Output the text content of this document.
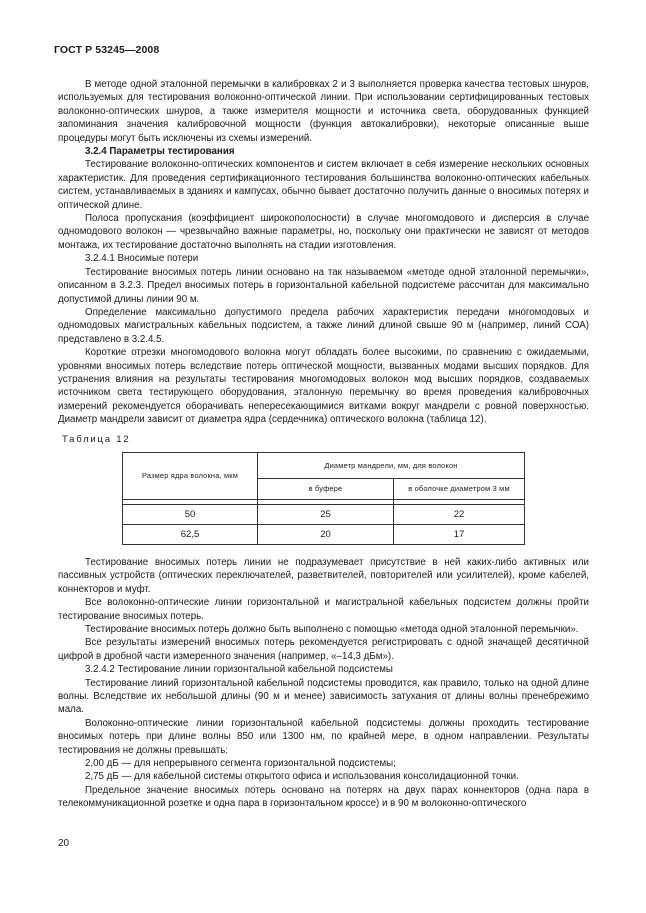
ГОСТ Р 53245—2008

В методе одной эталонной перемычки в калибровках 2 и 3 выполняется проверка качества тестовых шнуров, используемых для тестирования волоконно-оптической линии. При использовании сертифицированных тестовых волоконно-оптических шнуров, а также измерителя мощности и источника света, оборудованных функцией запоминания значения калибровочной мощности (функция автокалибровки), некоторые описанные выше процедуры могут быть исключены из схемы измерений.

3.2.4 Параметры тестирования

Тестирование волоконно-оптических компонентов и систем включает в себя измерение нескольких основных характеристик. Для проведения сертификационного тестирования большинства волоконно-оптических кабельных систем, устанавливаемых в зданиях и кампусах, обычно бывает достаточно получить данные о вносимых потерях и оптической длине.

Полоса пропускания (коэффициент широкополосности) в случае многомодового и дисперсия в случае одномодового волокон — чрезвычайно важные параметры, но, поскольку они практически не зависят от методов монтажа, их тестирование достаточно выполнять на стадии изготовления.

3.2.4.1 Вносимые потери

Тестирование вносимых потерь линии основано на так называемом «методе одной эталонной перемычки», описанном в 3.2.3. Предел вносимых потерь в горизонтальной кабельной подсистеме рассчитан для максимально допустимой длины линии 90 м.

Определение максимально допустимого предела рабочих характеристик передачи многомодовых и одномодовых магистральных кабельных подсистем, а также линий длиной свыше 90 м (например, линий СОА) представлено в 3.2.4.5.

Короткие отрезки многомодового волокна могут обладать более высокими, по сравнению с ожидаемыми, уровнями вносимых потерь вследствие потерь оптической мощности, вызванных модами высших порядков. Для устранения влияния на результаты тестирования многомодовых волокон мод высших порядков, создаваемых источником света тестирующего оборудования, эталонную перемычку во время проведения калибровочных измерений рекомендуется оборачивать непересекающимися витками вокруг мандрели с ровной поверхностью. Диаметр мандрели зависит от диаметра ядра (сердечника) оптического волокна (таблица 12).

Таблица 12
Размер ядра волокна, мкм	Диаметр мандрели, мм, для волокон	
	в буфере	в оболочке диаметром 3 мм

50	25	22
62,5	20	17

Тестирование вносимых потерь линии не подразумевает присутствие в ней каких-либо активных или пассивных устройств (оптических переключателей, разветвителей, повторителей или усилителей), кроме кабелей, коннекторов и муфт.

Все волоконно-оптические линии горизонтальной и магистральной кабельных подсистем должны пройти тестирование вносимых потерь.

Тестирование вносимых потерь должно быть выполнено с помощью «метода одной эталонной перемычки».

Все результаты измерений вносимых потерь рекомендуется регистрировать с одной значащей десятичной цифрой в дробной части измеренного значения (например, «–14,3 дБм»).

3.2.4.2 Тестирование линии горизонтальной кабельной подсистемы

Тестирование линий горизонтальной кабельной подсистемы проводится, как правило, только на одной длине волны. Вследствие их небольшой длины (90 м и менее) зависимость затухания от длины волны пренебрежимо мала.

Волоконно-оптические линии горизонтальной кабельной подсистемы должны проходить тестирование вносимых потерь при длине волны 850 или 1300 нм, по крайней мере, в одном направлении. Результаты тестирования не должны превышать:

2,00 дБ — для непрерывного сегмента горизонтальной подсистемы;

2,75 дБ — для кабельной системы открытого офиса и использования консолидационной точки.

Предельное значение вносимых потерь основано на потерях на двух парах коннекторов (одна пара в телекоммуникационной розетке и одна пара в горизонтальном кроссе) и в 90 м волоконно-оптического

20
